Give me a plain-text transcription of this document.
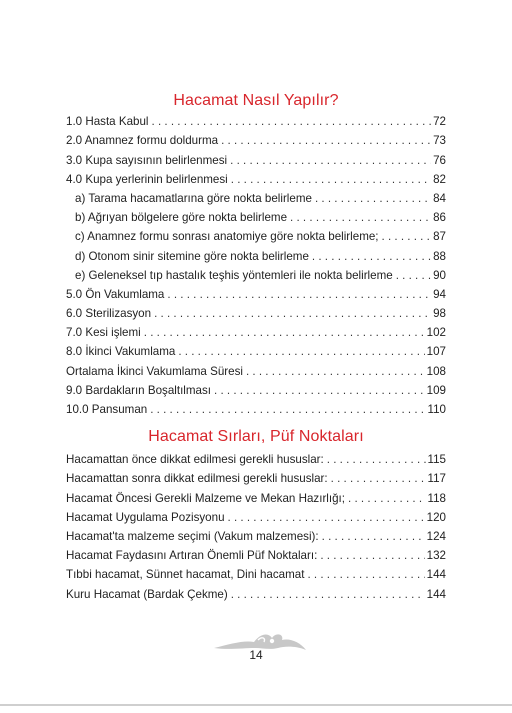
Hacamat Nasıl Yapılır?
1.0 Hasta Kabul . . .	72
2.0 Anamnez formu doldurma . . .	73
3.0 Kupa sayısının belirlenmesi . . .	76
4.0 Kupa yerlerinin belirlenmesi . . .	82
a) Tarama hacamatlarına göre nokta belirleme . . .	84
b) Ağrıyan bölgelere göre nokta belirleme . . .	86
c) Anamnez formu sonrası anatomiye göre nokta belirleme; . . .	87
d) Otonom sinir sitemine göre nokta belirleme . . .	88
e) Geleneksel tıp hastalık teşhis yöntemleri ile nokta belirleme . . .	90
5.0 Ön Vakumlama . . .	94
6.0 Sterilizasyon . . .	98
7.0 Kesi işlemi . . .	102
8.0 İkinci Vakumlama . . .	107
Ortalama İkinci Vakumlama Süresi . . .	108
9.0 Bardakların Boşaltılması . . .	109
10.0 Pansuman . . .	110
Hacamat Sırları, Püf Noktaları
Hacamattan önce dikkat edilmesi gerekli hususlar: . . .	115
Hacamattan sonra dikkat edilmesi gerekli hususlar: . . .	117
Hacamat Öncesi Gerekli Malzeme ve Mekan Hazırlığı; . . .	118
Hacamat Uygulama Pozisyonu . . .	120
Hacamat'ta malzeme seçimi (Vakum malzemesi): . . .	124
Hacamat Faydasını Artıran Önemli Püf Noktaları: . . .	132
Tıbbi hacamat, Sünnet hacamat, Dini hacamat . . .	144
Kuru Hacamat (Bardak Çekme) . . .	144
14
